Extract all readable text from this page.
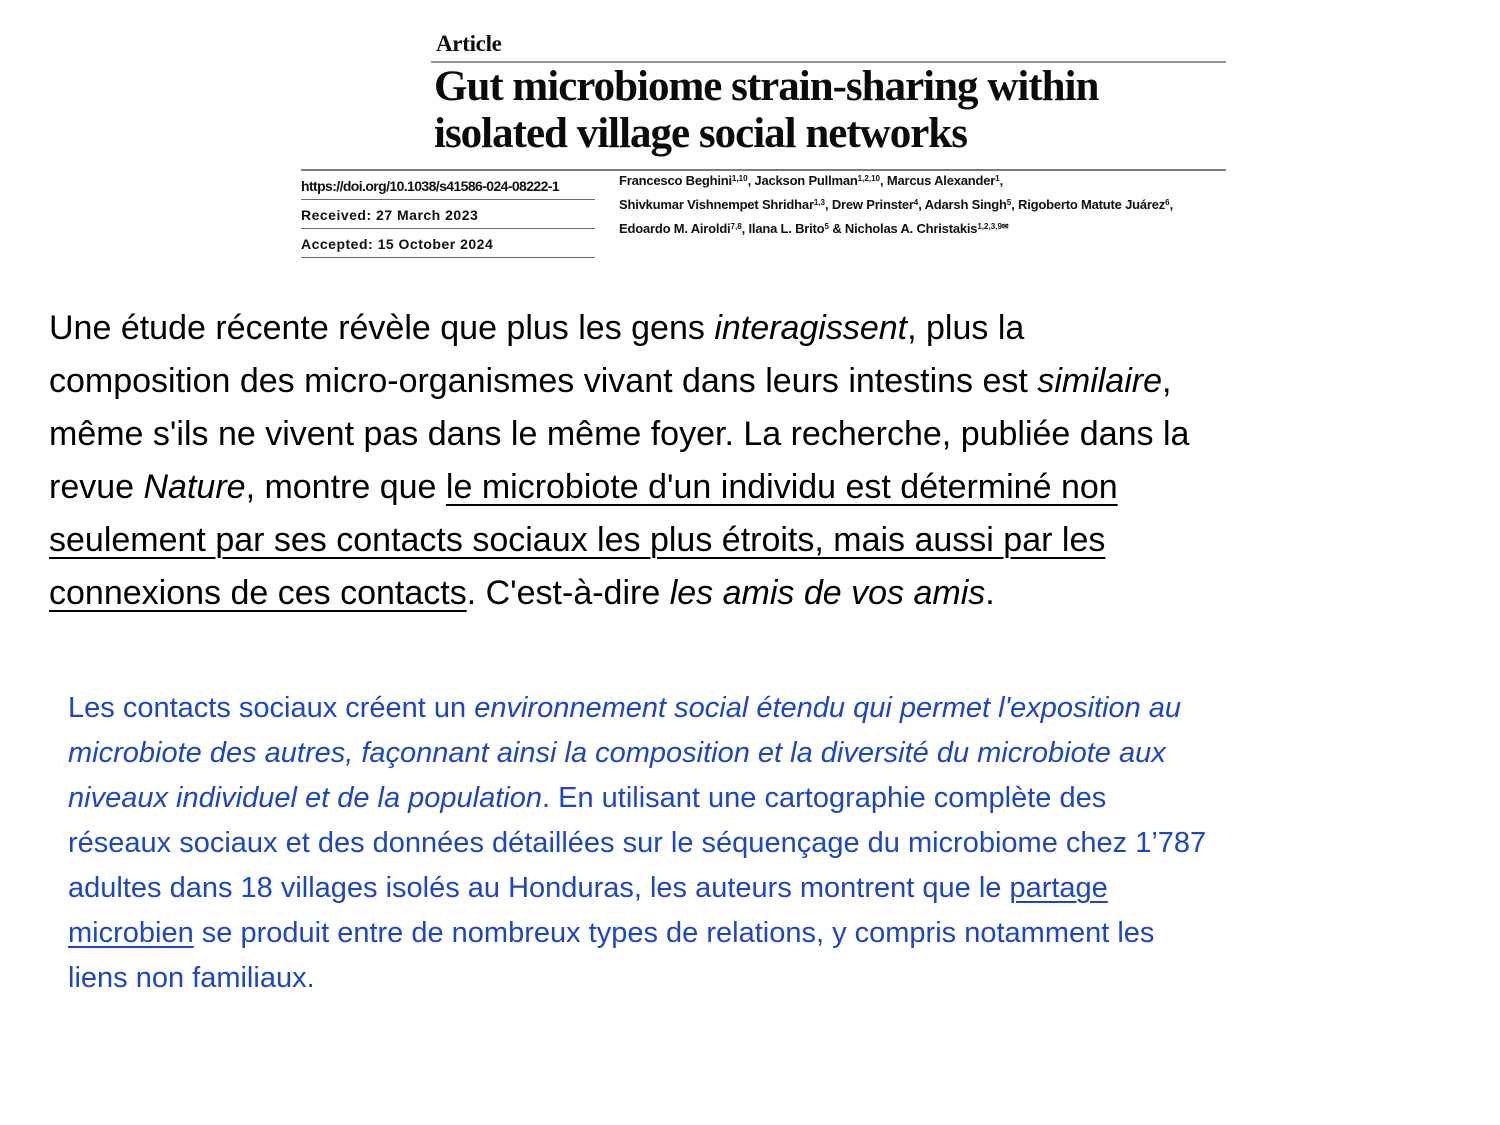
Article
Gut microbiome strain-sharing within
isolated village social networks
https://doi.org/10.1038/s41586-024-08222-1
Received: 27 March 2023
Accepted: 15 October 2024
Francesco Beghini$^{1,10}$, Jackson Pullman$^{1,2,10}$, Marcus Alexander$^1$,
Shivkumar Vishnempet Shridhar$^{1,3}$, Drew Prinster$^4$, Adarsh Singh$^5$, Rigoberto Matute Juárez$^6$,
Edoardo M. Airoldi$^{7,8}$, Ilana L. Brito$^5$ & Nicholas A. Christakis$^{1,2,3,9✉}$
Une étude récente révèle que plus les gens interagissent, plus la
composition des micro-organismes vivant dans leurs intestins est similaire,
même s'ils ne vivent pas dans le même foyer. La recherche, publiée dans la
revue Nature, montre que le microbiote d'un individu est déterminé non
seulement par ses contacts sociaux les plus étroits, mais aussi par les
connexions de ces contacts. C'est-à-dire les amis de vos amis.
Les contacts sociaux créent un environnement social étendu qui permet l'exposition au
microbiote des autres, façonnant ainsi la composition et la diversité du microbiote aux
niveaux individuel et de la population. En utilisant une cartographie complète des
réseaux sociaux et des données détaillées sur le séquençage du microbiome chez 1’787
adultes dans 18 villages isolés au Honduras, les auteurs montrent que le partage
microbien se produit entre de nombreux types de relations, y compris notamment les
liens non familiaux.
